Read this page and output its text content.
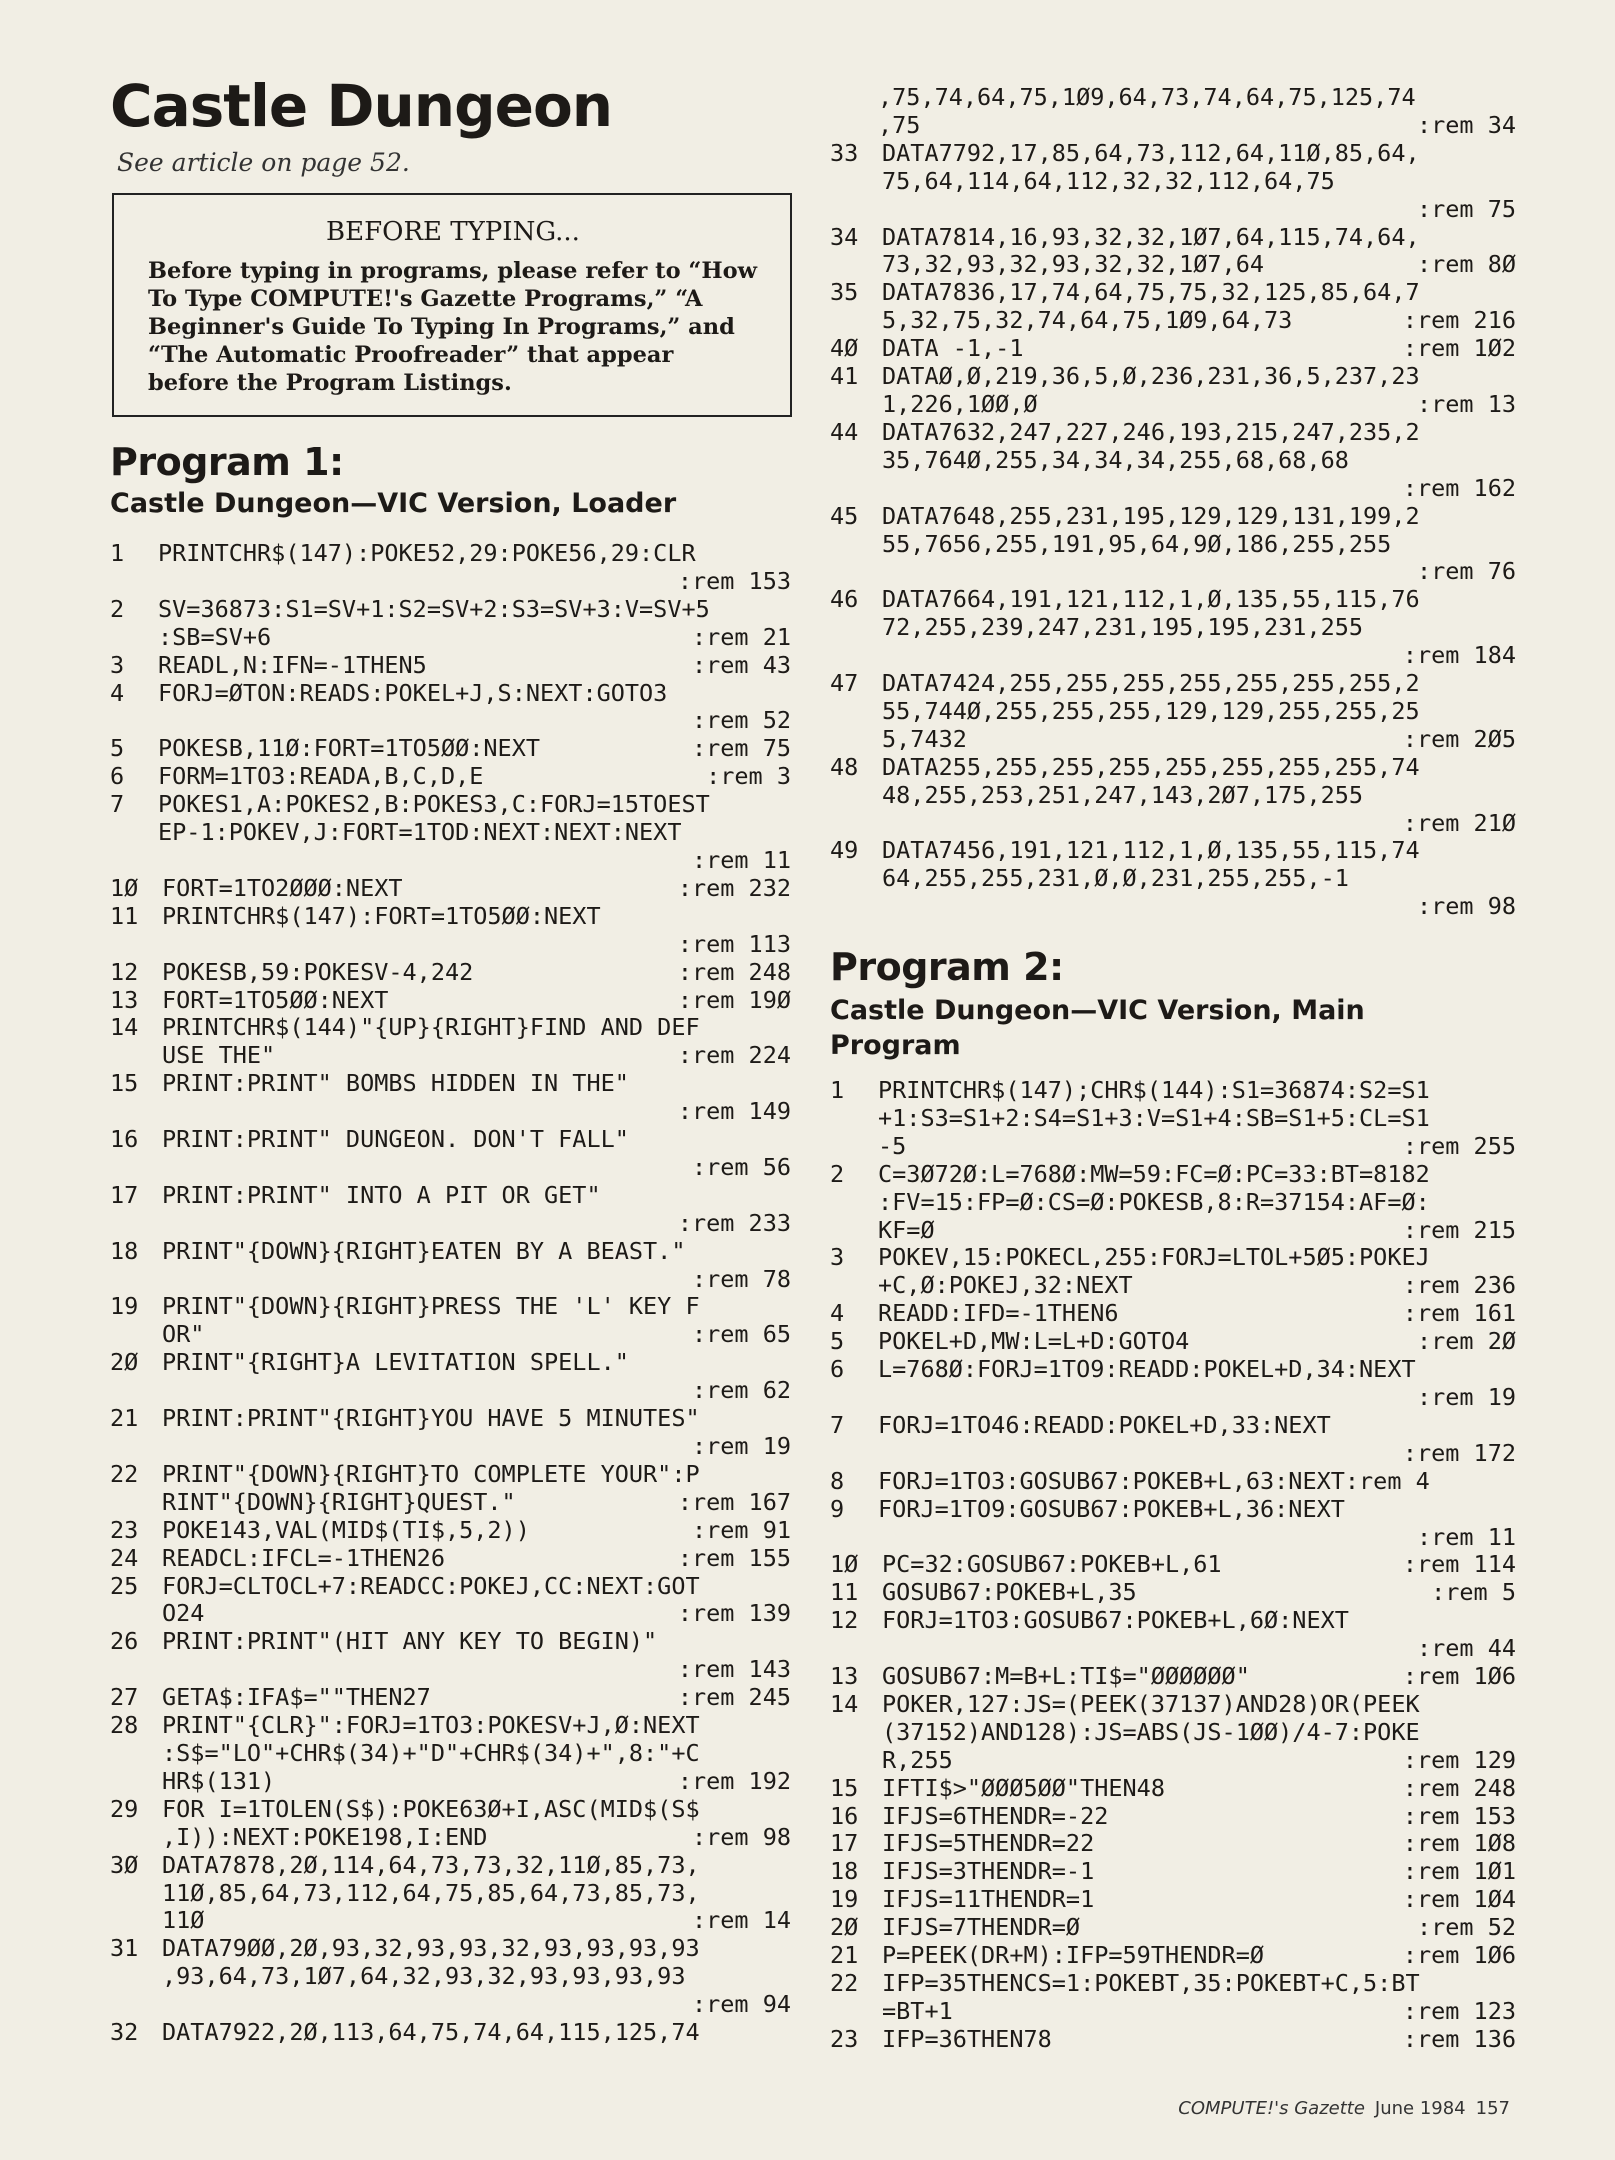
Castle Dungeon
See article on page 52.
BEFORE TYPING...
Before typing in programs, please refer to “How To Type COMPUTE!'s Gazette Programs,” “A Beginner's Guide To Typing In Programs,” and “The Automatic Proofreader” that appear before the Program Listings.
Program 1:
Castle Dungeon—VIC Version, Loader
1 PRINTCHR$(147):POKE52,29:POKE56,29:CLR
:rem 153
2 SV=36873:S1=SV+1:S2=SV+2:S3=SV+3:V=SV+5
:SB=SV+6	:rem 21
3 READL,N:IFN=-1THEN5	:rem 43
4 FORJ=ØTON:READS:POKEL+J,S:NEXT:GOTO3
:rem 52
5 POKESB,11Ø:FORT=1TO5ØØ:NEXT	:rem 75
6 FORM=1TO3:READA,B,C,D,E	:rem 3
7 POKES1,A:POKES2,B:POKES3,C:FORJ=15TOEST
EP-1:POKEV,J:FORT=1TOD:NEXT:NEXT:NEXT
:rem 11
1Ø FORT=1TO2ØØØ:NEXT	:rem 232
11 PRINTCHR$(147):FORT=1TO5ØØ:NEXT
:rem 113
12 POKESB,59:POKESV-4,242	:rem 248
13 FORT=1TO5ØØ:NEXT	:rem 19Ø
14 PRINTCHR$(144)"{UP}{RIGHT}FIND AND DEF
USE THE"	:rem 224
15 PRINT:PRINT" BOMBS HIDDEN IN THE"
:rem 149
16 PRINT:PRINT" DUNGEON. DON'T FALL"
:rem 56
17 PRINT:PRINT" INTO A PIT OR GET"
:rem 233
18 PRINT"{DOWN}{RIGHT}EATEN BY A BEAST."
:rem 78
19 PRINT"{DOWN}{RIGHT}PRESS THE 'L' KEY F
OR"	:rem 65
2Ø PRINT"{RIGHT}A LEVITATION SPELL."
:rem 62
21 PRINT:PRINT"{RIGHT}YOU HAVE 5 MINUTES"
:rem 19
22 PRINT"{DOWN}{RIGHT}TO COMPLETE YOUR":P
RINT"{DOWN}{RIGHT}QUEST."	:rem 167
23 POKE143,VAL(MID$(TI$,5,2))	:rem 91
24 READCL:IFCL=-1THEN26	:rem 155
25 FORJ=CLTOCL+7:READCC:POKEJ,CC:NEXT:GOT
O24	:rem 139
26 PRINT:PRINT"(HIT ANY KEY TO BEGIN)"
:rem 143
27 GETA$:IFA$=""THEN27	:rem 245
28 PRINT"{CLR}":FORJ=1TO3:POKESV+J,Ø:NEXT
:S$="LO"+CHR$(34)+"D"+CHR$(34)+",8:"+C
HR$(131)	:rem 192
29 FOR I=1TOLEN(S$):POKE63Ø+I,ASC(MID$(S$
,I)):NEXT:POKE198,I:END	:rem 98
3Ø DATA7878,2Ø,114,64,73,73,32,11Ø,85,73,
11Ø,85,64,73,112,64,75,85,64,73,85,73,
11Ø	:rem 14
31 DATA79ØØ,2Ø,93,32,93,93,32,93,93,93,93
,93,64,73,1Ø7,64,32,93,32,93,93,93,93
:rem 94
32 DATA7922,2Ø,113,64,75,74,64,115,125,74
,75,74,64,75,1Ø9,64,73,74,64,75,125,74
,75	:rem 34
33 DATA7792,17,85,64,73,112,64,11Ø,85,64,
75,64,114,64,112,32,32,112,64,75
:rem 75
34 DATA7814,16,93,32,32,1Ø7,64,115,74,64,
73,32,93,32,93,32,32,1Ø7,64	:rem 8Ø
35 DATA7836,17,74,64,75,75,32,125,85,64,7
5,32,75,32,74,64,75,1Ø9,64,73	:rem 216
4Ø DATA -1,-1	:rem 1Ø2
41 DATAØ,Ø,219,36,5,Ø,236,231,36,5,237,23
1,226,1ØØ,Ø	:rem 13
44 DATA7632,247,227,246,193,215,247,235,2
35,764Ø,255,34,34,34,255,68,68,68
:rem 162
45 DATA7648,255,231,195,129,129,131,199,2
55,7656,255,191,95,64,9Ø,186,255,255
:rem 76
46 DATA7664,191,121,112,1,Ø,135,55,115,76
72,255,239,247,231,195,195,231,255
:rem 184
47 DATA7424,255,255,255,255,255,255,255,2
55,744Ø,255,255,255,129,129,255,255,25
5,7432	:rem 2Ø5
48 DATA255,255,255,255,255,255,255,255,74
48,255,253,251,247,143,2Ø7,175,255
:rem 21Ø
49 DATA7456,191,121,112,1,Ø,135,55,115,74
64,255,255,231,Ø,Ø,231,255,255,-1
:rem 98
Program 2:
Castle Dungeon—VIC Version, Main
Program
1 PRINTCHR$(147);CHR$(144):S1=36874:S2=S1
+1:S3=S1+2:S4=S1+3:V=S1+4:SB=S1+5:CL=S1
-5	:rem 255
2 C=3Ø72Ø:L=768Ø:MW=59:FC=Ø:PC=33:BT=8182
:FV=15:FP=Ø:CS=Ø:POKESB,8:R=37154:AF=Ø:
KF=Ø	:rem 215
3 POKEV,15:POKECL,255:FORJ=LTOL+5Ø5:POKEJ
+C,Ø:POKEJ,32:NEXT	:rem 236
4 READD:IFD=-1THEN6	:rem 161
5 POKEL+D,MW:L=L+D:GOTO4	:rem 2Ø
6 L=768Ø:FORJ=1TO9:READD:POKEL+D,34:NEXT
:rem 19
7 FORJ=1TO46:READD:POKEL+D,33:NEXT
:rem 172
8 FORJ=1TO3:GOSUB67:POKEB+L,63:NEXT:rem 4
9 FORJ=1TO9:GOSUB67:POKEB+L,36:NEXT
:rem 11
1Ø PC=32:GOSUB67:POKEB+L,61	:rem 114
11 GOSUB67:POKEB+L,35	:rem 5
12 FORJ=1TO3:GOSUB67:POKEB+L,6Ø:NEXT
:rem 44
13 GOSUB67:M=B+L:TI$="ØØØØØØ"	:rem 1Ø6
14 POKER,127:JS=(PEEK(37137)AND28)OR(PEEK
(37152)AND128):JS=ABS(JS-1ØØ)/4-7:POKE
R,255	:rem 129
15 IFTI$>"ØØØ5ØØ"THEN48	:rem 248
16 IFJS=6THENDR=-22	:rem 153
17 IFJS=5THENDR=22	:rem 1Ø8
18 IFJS=3THENDR=-1	:rem 1Ø1
19 IFJS=11THENDR=1	:rem 1Ø4
2Ø IFJS=7THENDR=Ø	:rem 52
21 P=PEEK(DR+M):IFP=59THENDR=Ø	:rem 1Ø6
22 IFP=35THENCS=1:POKEBT,35:POKEBT+C,5:BT
=BT+1	:rem 123
23 IFP=36THEN78	:rem 136
COMPUTE!'s Gazette June 1984 157
